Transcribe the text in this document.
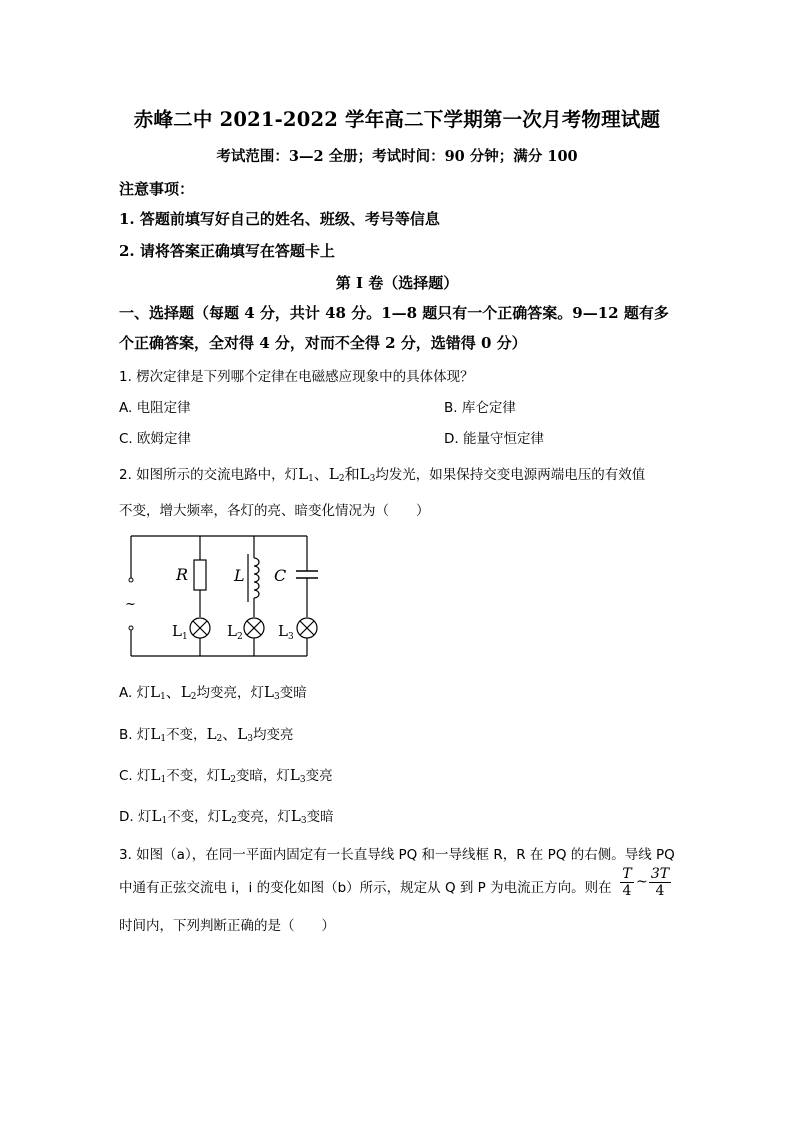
赤峰二中 2021-2022 学年高二下学期第一次月考物理试题
考试范围：3—2 全册；考试时间：90 分钟；满分 100
注意事项：
1. 答题前填写好自己的姓名、班级、考号等信息
2. 请将答案正确填写在答题卡上
第 I 卷（选择题）
一、选择题（每题 4 分，共计 48 分。1—8 题只有一个正确答案。9—12 题有多
个正确答案，全对得 4 分，对而不全得 2 分，选错得 0 分）
1. 楞次定律是下列哪个定律在电磁感应现象中的具体体现？
A. 电阻定律	B. 库仑定律
C. 欧姆定律	D. 能量守恒定律
2. 如图所示的交流电路中，灯$L_1$、$L_2$和$L_3$均发光，如果保持交变电源两端电压的有效值
不变，增大频率，各灯的亮、暗变化情况为（　　）
~
R	L C
$L_1$	$L_2$ $L_3$
A. 灯$L_1$、$L_2$均变亮，灯$L_3$变暗
B. 灯$L_1$不变，$L_2$、$L_3$均变亮
C. 灯$L_1$不变，灯$L_2$变暗，灯$L_3$变亮
D. 灯$L_1$不变，灯$L_2$变亮，灯$L_3$变暗
3. 如图（a），在同一平面内固定有一长直导线 PQ 和一导线框 R，R 在 PQ 的右侧。导线 PQ
中通有正弦交流电 i，i 的变化如图（b）所示，规定从 Q 到 P 为电流正方向。则在
T
4
~ 3T
4
时间内，下列判断正确的是（　　）
